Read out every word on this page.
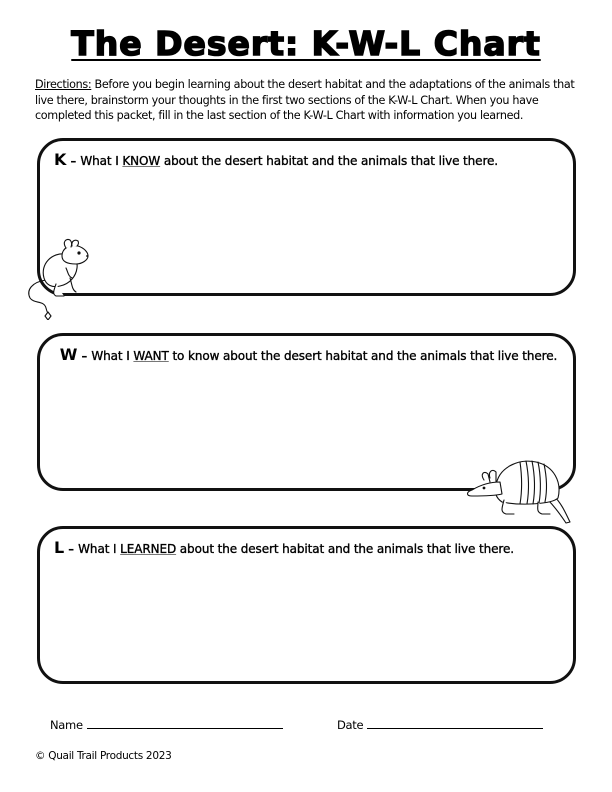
The Desert: K-W-L Chart
Directions: Before you begin learning about the desert habitat and the adaptations of the animals that live there, brainstorm your thoughts in the first two sections of the K-W-L Chart. When you have completed this packet, fill in the last section of the K-W-L Chart with information you learned.
K – What I KNOW about the desert habitat and the animals that live there.
W – What I WANT to know about the desert habitat and the animals that live there.
L – What I LEARNED about the desert habitat and the animals that live there.
Name	Date
© Quail Trail Products 2023
